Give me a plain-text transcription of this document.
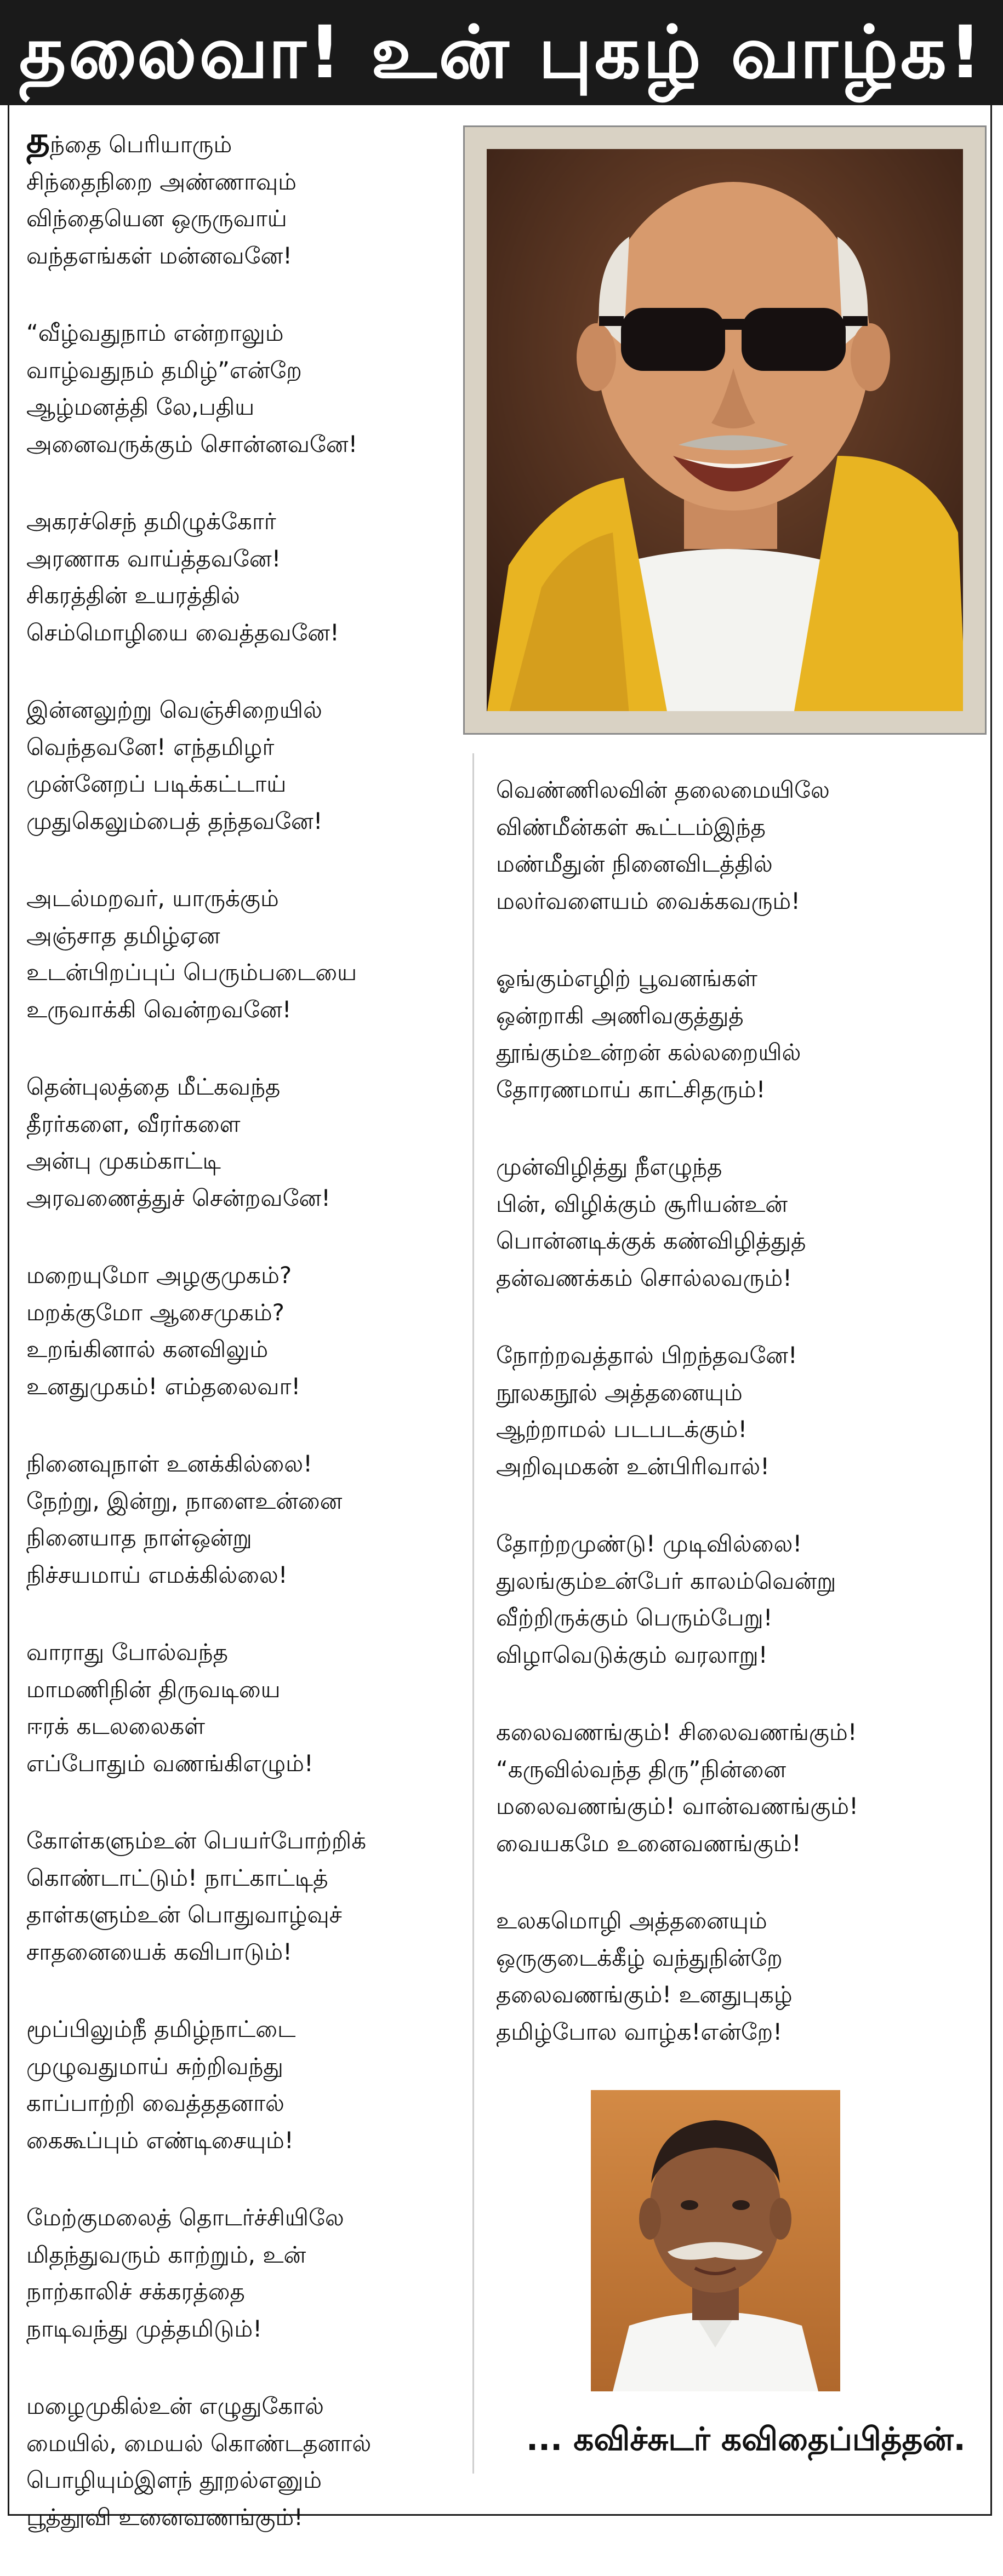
தலைவா! உன் புகழ் வாழ்க!
தந்தை பெரியாரும்
சிந்தைநிறை அண்ணாவும்
விந்தையென ஒருருவாய்
வந்தஎங்கள் மன்னவனே!
“வீழ்வதுநாம் என்றாலும்
வாழ்வதுநம் தமிழ்”என்றே
ஆழ்மனத்தி லே,பதிய
அனைவருக்கும் சொன்னவனே!
அகரச்செந் தமிழுக்கோர்
அரணாக வாய்த்தவனே!
சிகரத்தின் உயரத்தில்
செம்மொழியை வைத்தவனே!
இன்னலுற்று வெஞ்சிறையில்
வெந்தவனே! எந்தமிழர்
முன்னேறப் படிக்கட்டாய்
முதுகெலும்பைத் தந்தவனே!
அடல்மறவர், யாருக்கும்
அஞ்சாத தமிழ்ஏன
உடன்பிறப்புப் பெரும்படையை
உருவாக்கி வென்றவனே!
தென்புலத்தை மீட்கவந்த
தீரர்களை, வீரர்களை
அன்பு முகம்காட்டி
அரவணைத்துச் சென்றவனே!
மறையுமோ அழகுமுகம்?
மறக்குமோ ஆசைமுகம்?
உறங்கினால் கனவிலும்
உனதுமுகம்! எம்தலைவா!
நினைவுநாள் உனக்கில்லை!
நேற்று, இன்று, நாளைஉன்னை
நினையாத நாள்ஒன்று
நிச்சயமாய் எமக்கில்லை!
வாராது போல்வந்த
மாமணிநின் திருவடியை
ஈரக் கடலலைகள்
எப்போதும் வணங்கிஎழும்!
கோள்களும்உன் பெயர்போற்றிக்
கொண்டாட்டும்! நாட்காட்டித்
தாள்களும்உன் பொதுவாழ்வுச்
சாதனையைக் கவிபாடும்!
மூப்பிலும்நீ தமிழ்நாட்டை
முழுவதுமாய் சுற்றிவந்து
காப்பாற்றி வைத்ததனால்
கைகூப்பும் எண்டிசையும்!
மேற்குமலைத் தொடர்ச்சியிலே
மிதந்துவரும் காற்றும், உன்
நாற்காலிச் சக்கரத்தை
நாடிவந்து முத்தமிடும்!
மழைமுகில்உன் எழுதுகோல்
மையில், மையல் கொண்டதனால்
பொழியும்இளந் தூறல்எனும்
பூத்தூவி உனைவணங்கும்!
வெண்ணிலவின் தலைமையிலே
விண்மீன்கள் கூட்டம்இந்த
மண்மீதுன் நினைவிடத்தில்
மலர்வளையம் வைக்கவரும்!
ஓங்கும்எழிற் பூவனங்கள்
ஒன்றாகி அணிவகுத்துத்
தூங்கும்உன்றன் கல்லறையில்
தோரணமாய் காட்சிதரும்!
முன்விழித்து நீஎழுந்த
பின், விழிக்கும் சூரியன்உன்
பொன்னடிக்குக் கண்விழித்துத்
தன்வணக்கம் சொல்லவரும்!
நோற்றவத்தால் பிறந்தவனே!
நூலகநூல் அத்தனையும்
ஆற்றாமல் படபடக்கும்!
அறிவுமகன் உன்பிரிவால்!
தோற்றமுண்டு! முடிவில்லை!
துலங்கும்உன்பேர் காலம்வென்று
வீற்றிருக்கும் பெரும்பேறு!
விழாவெடுக்கும் வரலாறு!
கலைவணங்கும்! சிலைவணங்கும்!
“கருவில்வந்த திரு”நின்னை
மலைவணங்கும்! வான்வணங்கும்!
வையகமே உனைவணங்கும்!
உலகமொழி அத்தனையும்
ஒருகுடைக்கீழ் வந்துநின்றே
தலைவணங்கும்! உனதுபுகழ்
தமிழ்போல வாழ்க!என்றே!
... கவிச்சுடர் கவிதைப்பித்தன்.
